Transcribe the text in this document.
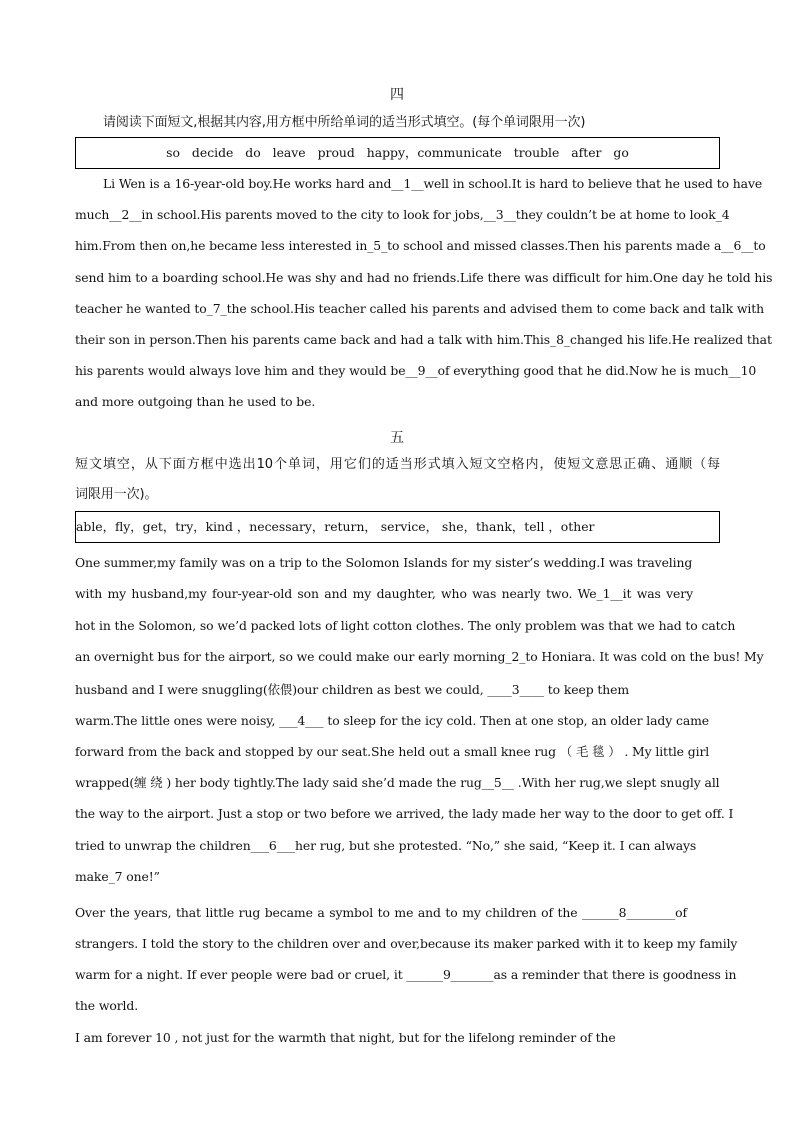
四
请阅读下面短文,根据其内容,用方框中所给单词的适当形式填空。(每个单词限用一次)
so decide do leave proud happy，communicate trouble after go
Li Wen is a 16-year-old boy.He works hard and__1__well in school.It is hard to believe that he used to have
much__2__in school.His parents moved to the city to look for jobs,__3__they couldn’t be at home to look_4
him.From then on,he became less interested in_5_to school and missed classes.Then his parents made a__6__to
send him to a boarding school.He was shy and had no friends.Life there was difficult for him.One day he told his
teacher he wanted to_7_the school.His teacher called his parents and advised them to come back and talk with
their son in person.Then his parents came back and had a talk with him.This_8_changed his life.He realized that
his parents would always love him and they would be__9__of everything good that he did.Now he is much__10
and more outgoing than he used to be.
五
短文填空，从下面方框中选出10个单词，用它们的适当形式填入短文空格内，使短文意思正确、通顺（每
词限用一次)。
able，fly，get，try，kind ，necessary，return， service， she，thank，tell ，other
One summer,my family was on a trip to the Solomon Islands for my sister’s wedding.I was traveling
with my husband,my four-year-old son and my daughter, who was nearly two. We_1__it was very
hot in the Solomon, so we’d packed lots of light cotton clothes. The only problem was that we had to catch
an overnight bus for the airport, so we could make our early morning_2_to Honiara. It was cold on the bus! My
husband and I were snuggling(依偎)our children as best we could, ____3____ to keep them
warm.The little ones were noisy, ___4___ to sleep for the icy cold. Then at one stop, an older lady came
forward from the back and stopped by our seat.She held out a small knee rug （ 毛 毯 ） . My little girl
wrapped(缠 绕 ) her body tightly.The lady said she’d made the rug__5__ .With her rug,we slept snugly all
the way to the airport. Just a stop or two before we arrived, the lady made her way to the door to get off. I
tried to unwrap the children___6___her rug, but she protested. “No,” she said, “Keep it. I can always
make_7 one!”
Over the years, that little rug became a symbol to me and to my children of the ______8________of
strangers. I told the story to the children over and over,because its maker parked with it to keep my family
warm for a night. If ever people were bad or cruel, it ______9_______as a reminder that there is goodness in
the world.
I am forever 10 , not just for the warmth that night, but for the lifelong reminder of the
